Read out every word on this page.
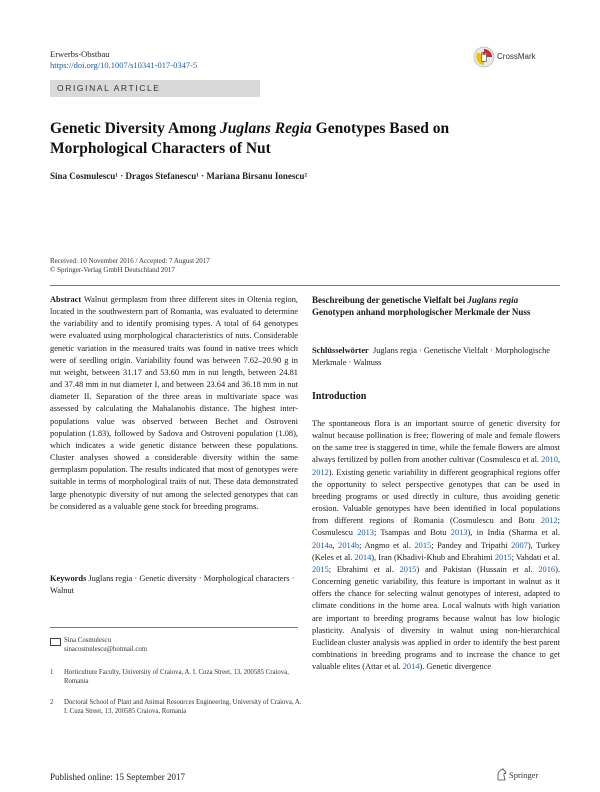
Erwerbs-Obstbau
https://doi.org/10.1007/s10341-017-0347-5
CrossMark
ORIGINAL ARTICLE
Genetic Diversity Among Juglans Regia Genotypes Based on Morphological Characters of Nut
Sina Cosmulescu¹ · Dragos Stefanescu¹ · Mariana Birsanu Ionescu²
Received: 10 November 2016 / Accepted: 7 August 2017
© Springer-Verlag GmbH Deutschland 2017
Abstract Walnut germplasm from three different sites in Oltenia region, located in the southwestern part of Romania, was evaluated to determine the variability and to identify promising types. A total of 64 genotypes were evaluated using morphological characteristics of nuts. Considerable genetic variation in the measured traits was found in native trees which were of seedling origin. Variability found was between 7.62–20.90 g in nut weight, between 31.17 and 53.60 mm in nut length, between 24.81 and 37.48 mm in nut diameter I, and between 23.64 and 36.18 mm in nut diameter II. Separation of the three areas in multivariate space was assessed by calculating the Mahalanobis distance. The highest inter-populations value was observed between Bechet and Ostroveni population (1.83), followed by Sadova and Ostroveni population (1.08), which indicates a wide genetic distance between these populations. Cluster analyses showed a considerable diversity within the same germplasm population. The results indicated that most of genotypes were suitable in terms of morphological traits of nut. These data demonstrated large phenotypic diversity of nut among the selected genotypes that can be considered as a valuable gene stock for breeding programs.
Keywords Juglans regia · Genetic diversity · Morphological characters · Walnut
Sina Cosmulescu
sinacosmulescu@hotmail.com
1 Horticulture Faculty, University of Craiova, A. I. Cuza Street, 13, 200585 Craiova, Romania
2 Doctoral School of Plant and Animal Resources Engineering, University of Craiova, A. I. Cuza Street, 13, 200585 Craiova, Romania
Published online: 15 September 2017	Springer
Beschreibung der genetische Vielfalt bei Juglans regia Genotypen anhand morphologischer Merkmale der Nuss
Schlüsselwörter Juglans regia · Genetische Vielfalt · Morphologische Merkmale · Walnuss
Introduction
The spontaneous flora is an important source of genetic diversity for walnut because pollination is free; flowering of male and female flowers on the same tree is staggered in time, while the female flowers are almost always fertilized by pollen from another cultivar (Cosmulescu et al. 2010, 2012). Existing genetic variability in different geographical regions offer the opportunity to select perspective genotypes that can be used in breeding programs or used directly in culture, thus avoiding genetic erosion. Valuable genotypes have been identified in local populations from different regions of Romania (Cosmulescu and Botu 2012; Cosmulescu 2013; Tsampas and Botu 2013), in India (Sharma et al. 2014a, 2014b; Angmo et al. 2015; Pandey and Tripathi 2007), Turkey (Keles et al. 2014), Iran (Khadivi-Khub and Ebrahimi 2015; Vahdati et al. 2015; Ebrahimi et al. 2015) and Pakistan (Hussain et al. 2016). Concerning genetic variability, this feature is important in walnut as it offers the chance for selecting walnut genotypes of interest, adapted to climate conditions in the home area. Local walnuts with high variation are important to breeding programs because walnut has low biologic plasticity. Analysis of diversity in walnut using non-hierarchical Euclidean cluster analysis was applied in order to identify the best parent combinations in breeding programs and to increase the chance to get valuable elites (Attar et al. 2014). Genetic divergence
